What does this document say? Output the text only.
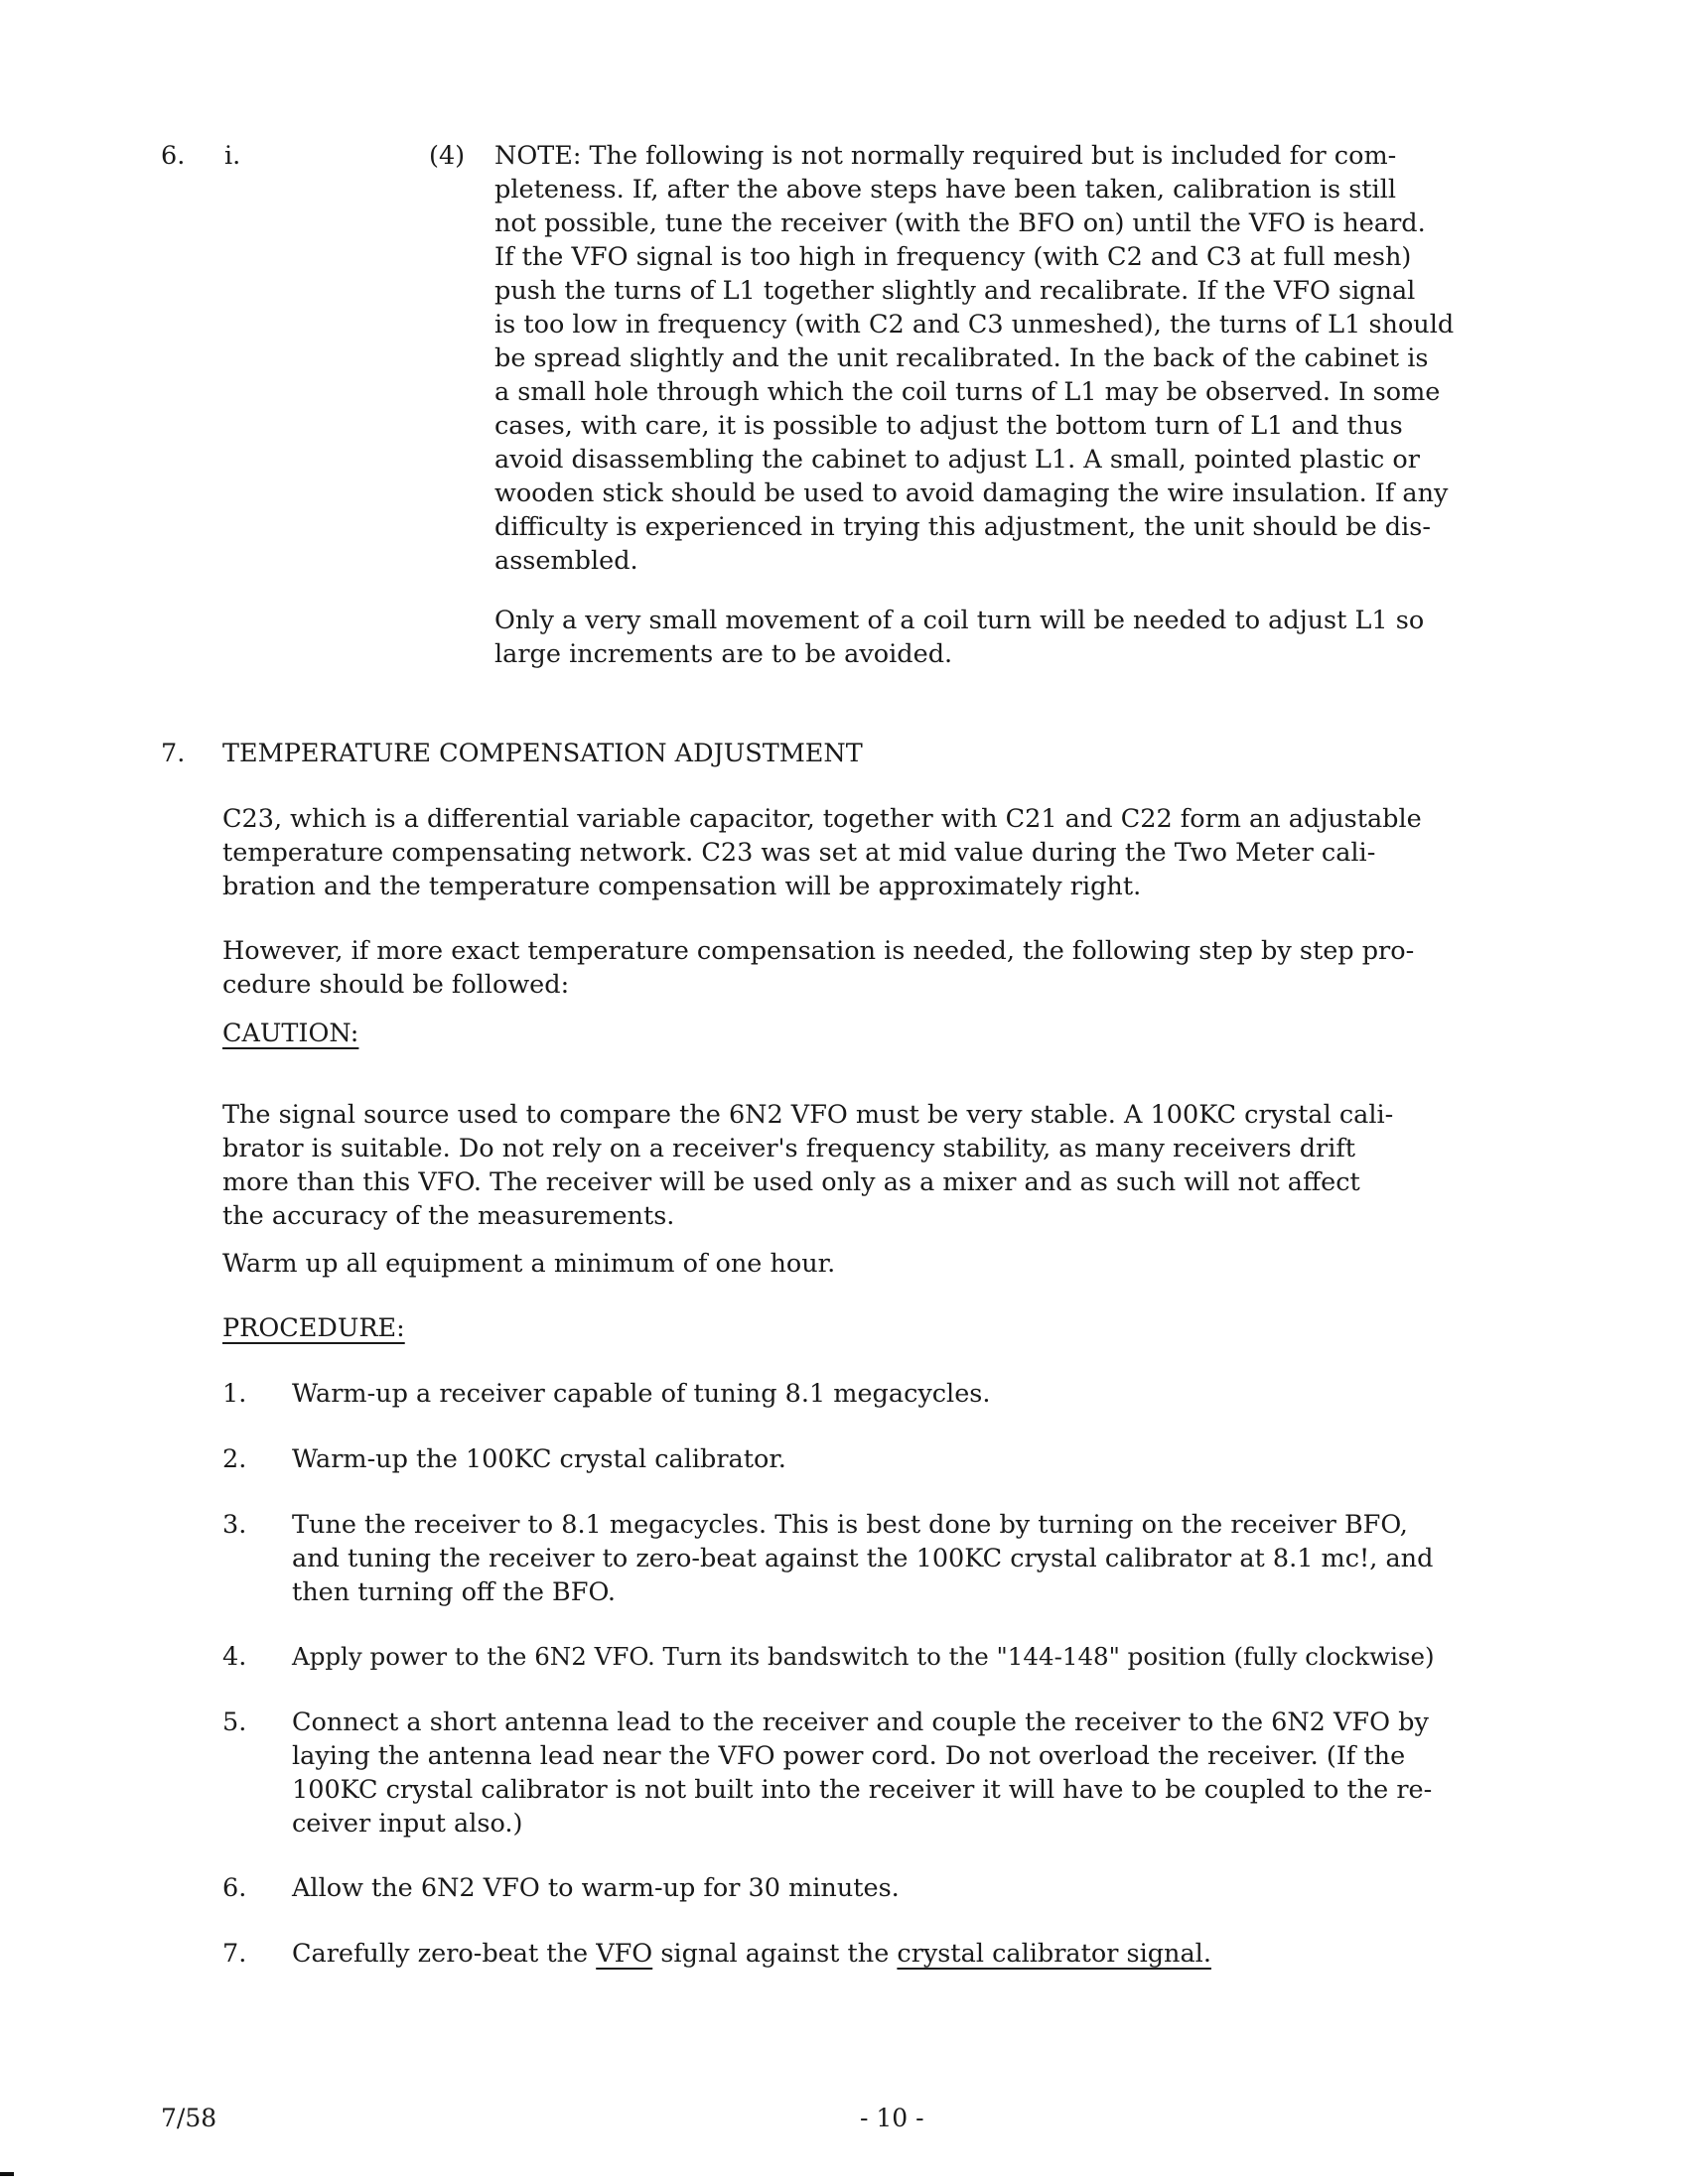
6. i.	(4) NOTE: The following is not normally required but is included for com-
pleteness. If, after the above steps have been taken, calibration is still
not possible, tune the receiver (with the BFO on) until the VFO is heard.
If the VFO signal is too high in frequency (with C2 and C3 at full mesh)
push the turns of L1 together slightly and recalibrate. If the VFO signal
is too low in frequency (with C2 and C3 unmeshed), the turns of L1 should
be spread slightly and the unit recalibrated. In the back of the cabinet is
a small hole through which the coil turns of L1 may be observed. In some
cases, with care, it is possible to adjust the bottom turn of L1 and thus
avoid disassembling the cabinet to adjust L1. A small, pointed plastic or
wooden stick should be used to avoid damaging the wire insulation. If any
difficulty is experienced in trying this adjustment, the unit should be dis-
assembled.
Only a very small movement of a coil turn will be needed to adjust L1 so
large increments are to be avoided.

7. TEMPERATURE COMPENSATION ADJUSTMENT

C23, which is a differential variable capacitor, together with C21 and C22 form an adjustable
temperature compensating network. C23 was set at mid value during the Two Meter cali-
bration and the temperature compensation will be approximately right.
However, if more exact temperature compensation is needed, the following step by step pro-
cedure should be followed:

CAUTION:

The signal source used to compare the 6N2 VFO must be very stable. A 100KC crystal cali-
brator is suitable. Do not rely on a receiver's frequency stability, as many receivers drift
more than this VFO. The receiver will be used only as a mixer and as such will not affect
the accuracy of the measurements.

Warm up all equipment a minimum of one hour.

PROCEDURE:

1. Warm-up a receiver capable of tuning 8.1 megacycles.
2. Warm-up the 100KC crystal calibrator.
3. Tune the receiver to 8.1 megacycles. This is best done by turning on the receiver BFO,
and tuning the receiver to zero-beat against the 100KC crystal calibrator at 8.1 mc!, and
then turning off the BFO.
4. Apply power to the 6N2 VFO. Turn its bandswitch to the "144-148" position (fully clockwise)
5. Connect a short antenna lead to the receiver and couple the receiver to the 6N2 VFO by
laying the antenna lead near the VFO power cord. Do not overload the receiver. (If the
100KC crystal calibrator is not built into the receiver it will have to be coupled to the re-
ceiver input also.)
6. Allow the 6N2 VFO to warm-up for 30 minutes.
7. Carefully zero-beat the VFO signal against the crystal calibrator signal.

7/58	- 10 -
